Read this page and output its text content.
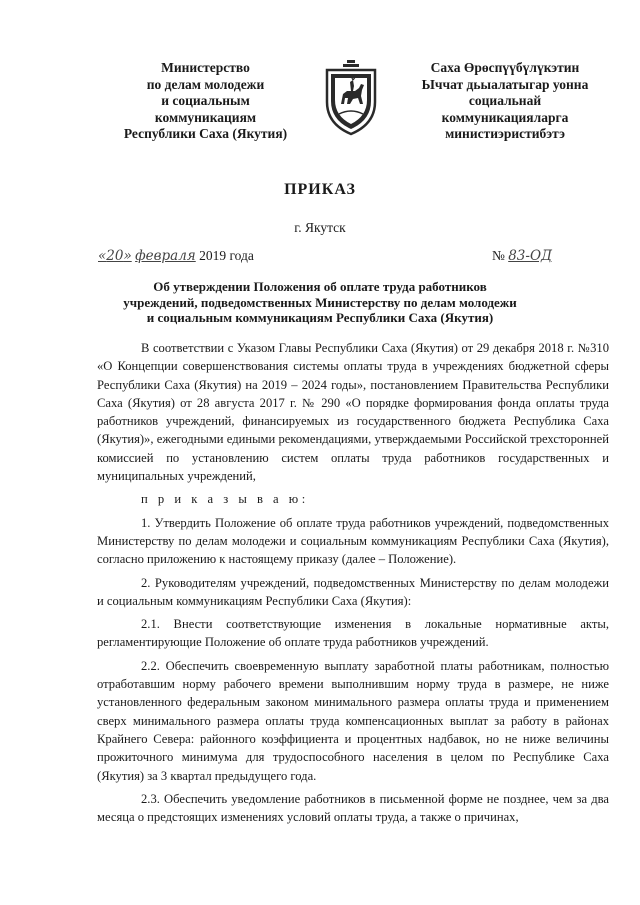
Министерство
по делам молодежи
и социальным
коммуникациям
Республики Саха (Якутия)
Саха Өрөспүүбүлүкэтин
Ыччат дьыалатыгар уонна
социальнай
коммуникацияларга
министиэристибэтэ
ПРИКАЗ
г. Якутск
«20» февраля 2019 года	№ 83-ОД
Об утверждении Положения об оплате труда работников
учреждений, подведомственных Министерству по делам молодежи
и социальным коммуникациям Республики Саха (Якутия)

В соответствии с Указом Главы Республики Саха (Якутия) от 29 декабря 2018 г. №310 «О Концепции совершенствования системы оплаты труда в учреждениях бюджетной сферы Республики Саха (Якутия) на 2019 – 2024 годы», постановлением Правительства Республики Саха (Якутия) от 28 августа 2017 г. № 290 «О порядке формирования фонда оплаты труда работников учреждений, финансируемых из государственного бюджета Республика Саха (Якутия)», ежегодными едиными рекомендациями, утверждаемыми Российской трехсторонней комиссией по установлению систем оплаты труда работников государственных и муниципальных учреждений,

п р и к а з ы в а ю:

1. Утвердить Положение об оплате труда работников учреждений, подведомственных Министерству по делам молодежи и социальным коммуникациям Республики Саха (Якутия), согласно приложению к настоящему приказу (далее – Положение).

2. Руководителям учреждений, подведомственных Министерству по делам молодежи и социальным коммуникациям Республики Саха (Якутия):

2.1. Внести соответствующие изменения в локальные нормативные акты, регламентирующие Положение об оплате труда работников учреждений.

2.2. Обеспечить своевременную выплату заработной платы работникам, полностью отработавшим норму рабочего времени выполнившим норму труда в размере, не ниже установленного федеральным законом минимального размера оплаты труда и применением сверх минимального размера оплаты труда компенсационных выплат за работу в районах Крайнего Севера: районного коэффициента и процентных надбавок, но не ниже величины прожиточного минимума для трудоспособного населения в целом по Республике Саха (Якутия) за 3 квартал предыдущего года.

2.3. Обеспечить уведомление работников в письменной форме не позднее, чем за два месяца о предстоящих изменениях условий оплаты труда, а также о причинах,
